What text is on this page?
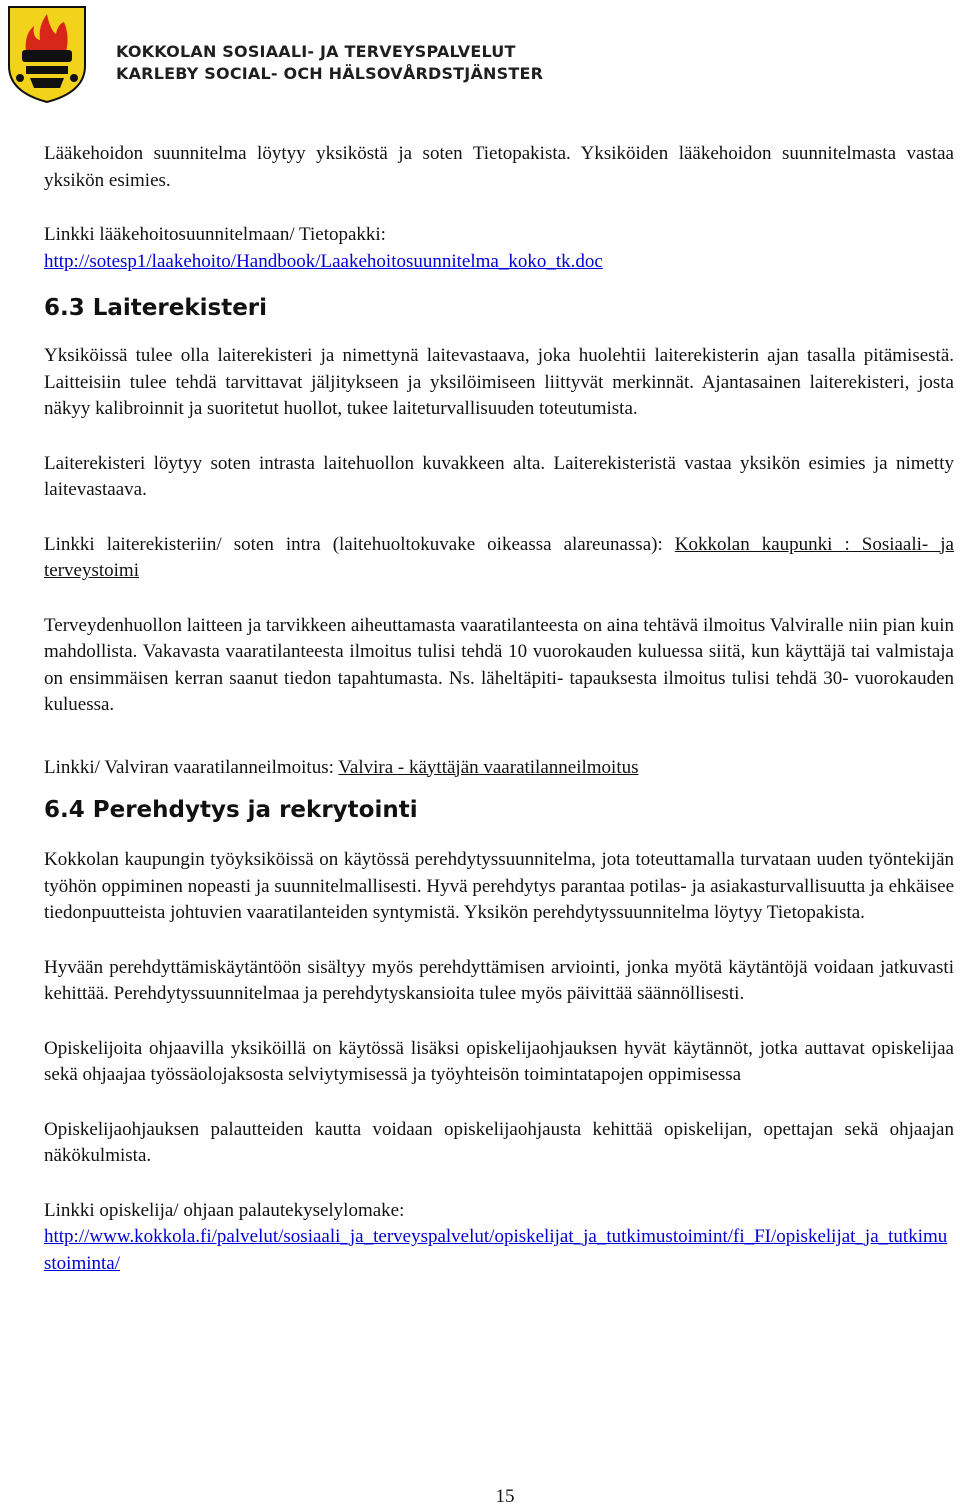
KOKKOLAN SOSIAALI- JA TERVEYSPALVELUT
KARLEBY SOCIAL- OCH HÄLSOVÅRDSTJÄNSTER

Lääkehoidon suunnitelma löytyy yksiköstä ja soten Tietopakista. Yksiköiden lääkehoidon suunnitelmasta vastaa yksikön esimies.

Linkki lääkehoitosuunnitelmaan/ Tietopakki:
http://sotesp1/laakehoito/Handbook/Laakehoitosuunnitelma_koko_tk.doc

6.3 Laiterekisteri

Yksiköissä tulee olla laiterekisteri ja nimettynä laitevastaava, joka huolehtii laiterekisterin ajan tasalla pitämisestä. Laitteisiin tulee tehdä tarvittavat jäljitykseen ja yksilöimiseen liittyvät merkinnät. Ajantasainen laiterekisteri, josta näkyy kalibroinnit ja suoritetut huollot, tukee laiteturvallisuuden toteutumista.

Laiterekisteri löytyy soten intrasta laitehuollon kuvakkeen alta. Laiterekisteristä vastaa yksikön esimies ja nimetty laitevastaava.

Linkki laiterekisteriin/ soten intra (laitehuoltokuvake oikeassa alareunassa): Kokkolan kaupunki : Sosiaali- ja terveystoimi

Terveydenhuollon laitteen ja tarvikkeen aiheuttamasta vaaratilanteesta on aina tehtävä ilmoitus Valviralle niin pian kuin mahdollista. Vakavasta vaaratilanteesta ilmoitus tulisi tehdä 10 vuorokauden kuluessa siitä, kun käyttäjä tai valmistaja on ensimmäisen kerran saanut tiedon tapahtumasta. Ns. läheltäpiti- tapauksesta ilmoitus tulisi tehdä 30- vuorokauden kuluessa.

Linkki/ Valviran vaaratilanneilmoitus: Valvira - käyttäjän vaaratilanneilmoitus

6.4 Perehdytys ja rekrytointi

Kokkolan kaupungin työyksiköissä on käytössä perehdytyssuunnitelma, jota toteuttamalla turvataan uuden työntekijän työhön oppiminen nopeasti ja suunnitelmallisesti. Hyvä perehdytys parantaa potilas- ja asiakasturvallisuutta ja ehkäisee tiedonpuutteista johtuvien vaaratilanteiden syntymistä. Yksikön perehdytyssuunnitelma löytyy Tietopakista.

Hyvään perehdyttämiskäytäntöön sisältyy myös perehdyttämisen arviointi, jonka myötä käytäntöjä voidaan jatkuvasti kehittää. Perehdytyssuunnitelmaa ja perehdytyskansioita tulee myös päivittää säännöllisesti.

Opiskelijoita ohjaavilla yksiköillä on käytössä lisäksi opiskelijaohjauksen hyvät käytännöt, jotka auttavat opiskelijaa sekä ohjaajaa työssäolojaksosta selviytymisessä ja työyhteisön toimintatapojen oppimisessa

Opiskelijaohjauksen palautteiden kautta voidaan opiskelijaohjausta kehittää opiskelijan, opettajan sekä ohjaajan näkökulmista.

Linkki opiskelija/ ohjaan palautekyselylomake:
http://www.kokkola.fi/palvelut/sosiaali_ja_terveyspalvelut/opiskelijat_ja_tutkimustoimint/fi_FI/opiskelijat_ja_tutkimustoiminta/

15
